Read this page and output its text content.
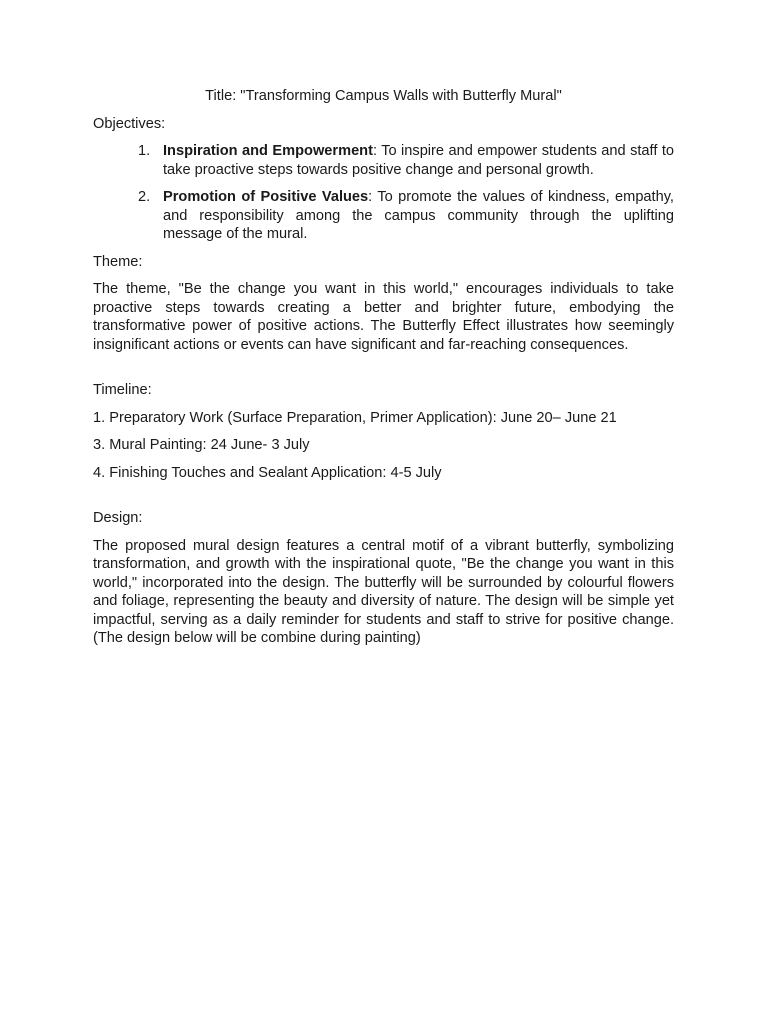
Title: "Transforming Campus Walls with Butterfly Mural"

Objectives:

1. Inspiration and Empowerment: To inspire and empower students and staff to take proactive steps towards positive change and personal growth.
2. Promotion of Positive Values: To promote the values of kindness, empathy, and responsibility among the campus community through the uplifting message of the mural.

Theme:

The theme, "Be the change you want in this world," encourages individuals to take proactive steps towards creating a better and brighter future, embodying the transformative power of positive actions. The Butterfly Effect illustrates how seemingly insignificant actions or events can have significant and far-reaching consequences.

Timeline:

1. Preparatory Work (Surface Preparation, Primer Application): June 20– June 21

3. Mural Painting: 24 June- 3 July

4. Finishing Touches and Sealant Application: 4-5 July

Design:

The proposed mural design features a central motif of a vibrant butterfly, symbolizing transformation, and growth with the inspirational quote, "Be the change you want in this world," incorporated into the design. The butterfly will be surrounded by colourful flowers and foliage, representing the beauty and diversity of nature. The design will be simple yet impactful, serving as a daily reminder for students and staff to strive for positive change. (The design below will be combine during painting)
